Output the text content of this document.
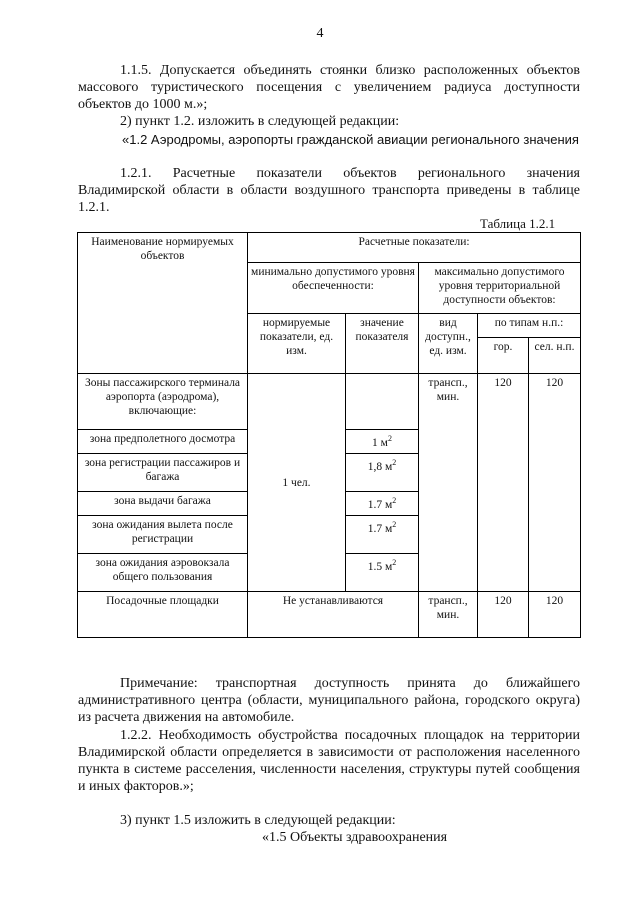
4
1.1.5. Допускается объединять стоянки близко расположенных объектов
массового туристического посещения с увеличением радиуса доступности
объектов до 1000 м.»;
2) пункт 1.2. изложить в следующей редакции:
«1.2 Аэродромы, аэропорты гражданской авиации регионального значения
1.2.1. Расчетные показатели объектов регионального значения
Владимирской области в области воздушного транспорта приведены в таблице
1.2.1.
Таблица 1.2.1
Наименование нормируемых объектов	Расчетные показатели:				
	минимально допустимого уровня обеспеченности:		максимально допустимого уровня территориальной доступности объектов:		
	нормируемые показатели, ед. изм.	значение показателя	вид доступн., ед. изм.	по типам н.п.:	
				гор.	сел. н.п.
Зоны пассажирского терминала аэропорта (аэродрома), включающие:	1 чел.		трансп., мин.	120	120
зона предполетного досмотра		1 $м^2$
зона регистрации пассажиров и багажа		1,8 $м^2$
зона выдачи багажа		1.7 $м^2$
зона ожидания вылета после регистрации		1.7 $м^2$
зона ожидания аэровокзала общего пользования		1.5 $м^2$
Посадочные площадки	Не устанавливаются		трансп., мин.	120	120
Примечание: транспортная доступность принята до ближайшего
административного центра (области, муниципального района, городского округа)
из расчета движения на автомобиле.
1.2.2. Необходимость обустройства посадочных площадок на территории
Владимирской области определяется в зависимости от расположения населенного
пункта в системе расселения, численности населения, структуры путей сообщения
и иных факторов.»;
3) пункт 1.5 изложить в следующей редакции:
«1.5 Объекты здравоохранения
